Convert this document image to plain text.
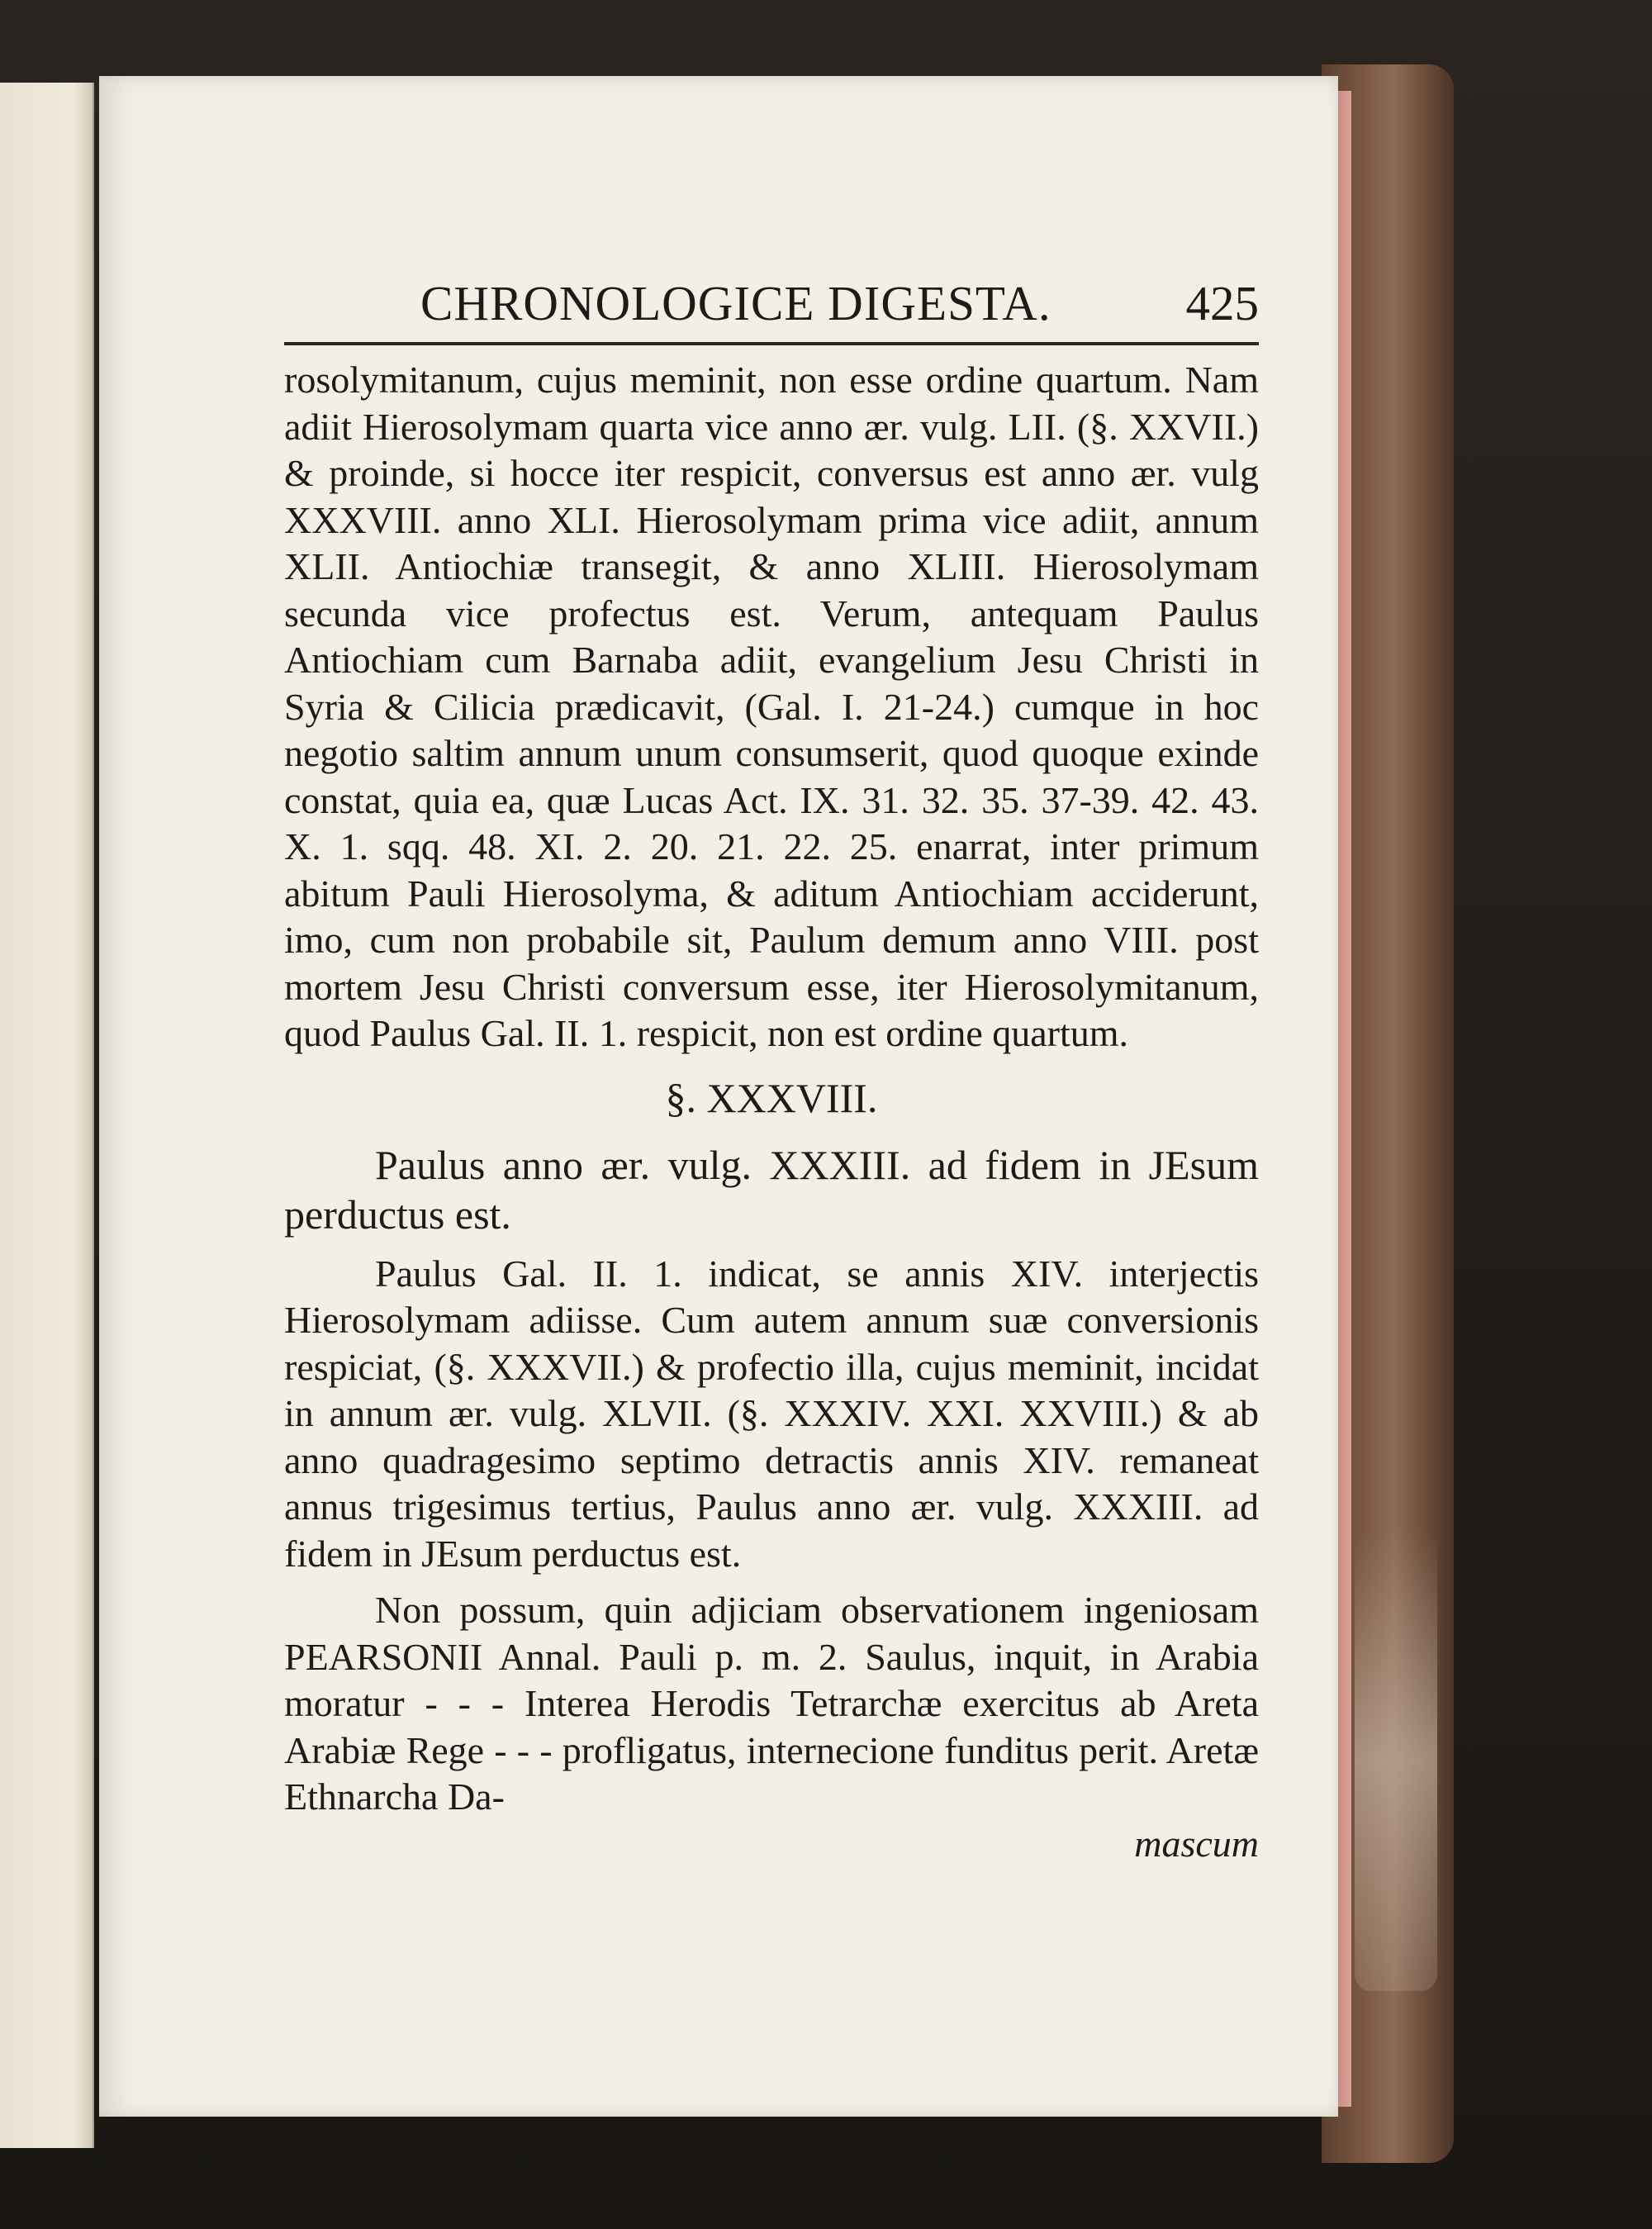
CHRONOLOGICE DIGESTA.	425

rosolymitanum, cujus meminit, non esse ordine quartum. Nam adiit Hierosolymam quarta vice anno ær. vulg. LII. (§. XXVII.) & proinde, si hocce iter respicit, conversus est anno ær. vulg XXXVIII. anno XLI. Hierosolymam prima vice adiit, annum XLII. Antiochiæ transegit, & anno XLIII. Hierosolymam secunda vice profectus est. Verum, antequam Paulus Antiochiam cum Barnaba adiit, evangelium Jesu Christi in Syria & Cilicia prædicavit, (Gal. I. 21-24.) cumque in hoc negotio saltim annum unum consumserit, quod quoque exinde constat, quia ea, quæ Lucas Act. IX. 31. 32. 35. 37-39. 42. 43. X. 1. sqq. 48. XI. 2. 20. 21. 22. 25. enarrat, inter primum abitum Pauli Hierosolyma, & aditum Antiochiam acciderunt, imo, cum non probabile sit, Paulum demum anno VIII. post mortem Jesu Christi conversum esse, iter Hierosolymitanum, quod Paulus Gal. II. 1. respicit, non est ordine quartum.

§. XXXVIII.

Paulus anno ær. vulg. XXXIII. ad fidem in JEsum perductus est.

Paulus Gal. II. 1. indicat, se annis XIV. interjectis Hierosolymam adiisse. Cum autem annum suæ conversionis respiciat, (§. XXXVII.) & profectio illa, cujus meminit, incidat in annum ær. vulg. XLVII. (§. XXXIV. XXI. XXVIII.) & ab anno quadragesimo septimo detractis annis XIV. remaneat annus trigesimus tertius, Paulus anno ær. vulg. XXXIII. ad fidem in JEsum perductus est.

Non possum, quin adjiciam observationem ingeniosam PEARSONII Annal. Pauli p. m. 2. Saulus, inquit, in Arabia moratur - - - Interea Herodis Tetrarchæ exercitus ab Areta Arabiæ Rege - - - profligatus, internecione funditus perit. Aretæ Ethnarcha Da-

mascum
